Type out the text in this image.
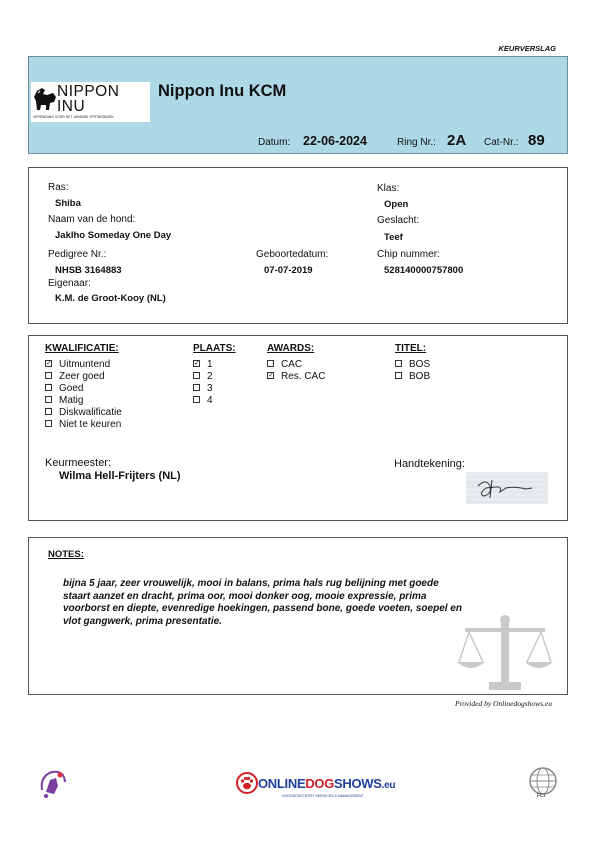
KEURVERSLAG
NIPPON
INU
VERENIGING VOOR HET JAPANSE SPITSHONDEN
Nippon Inu KCM
Datum: 22-06-2024	Ring Nr.: 2A Cat-Nr.: 89
Ras:
Shiba
Naam van de hond:
Jaklho Someday One Day
Pedigree Nr.:
NHSB 3164883
Eigenaar:
K.M. de Groot-Kooy (NL)
Geboortedatum:
07-07-2019
Klas:
Open
Geslacht:
Teef
Chip nummer:
528140000757800
KWALIFICATIE:
✓Uitmuntend
Zeer goed
Goed
Matig
Diskwalificatie
Niet te keuren
PLAATS:
✓1
2
3
4
AWARDS:
CAC
✓Res. CAC
TITEL:
BOS
BOB
Keurmeester:
Wilma Hell-Frijters (NL)
Handtekening:
NOTES:
bijna 5 jaar, zeer vrouwelijk, mooi in balans, prima hals rug belijning met goede
staart aanzet en dracht, prima oor, mooi donker oog, mooie expressie, prima
voorborst en diepte, evenredige hoekingen, passend bone, goede voeten, soepel en
vlot gangwerk, prima presentatie.
Provided by Onlinedogshows.eu
ONLINEDOGSHOWS.eu
DOGSHOW ENTRY SERVICES & MANAGEMENT	FCI
